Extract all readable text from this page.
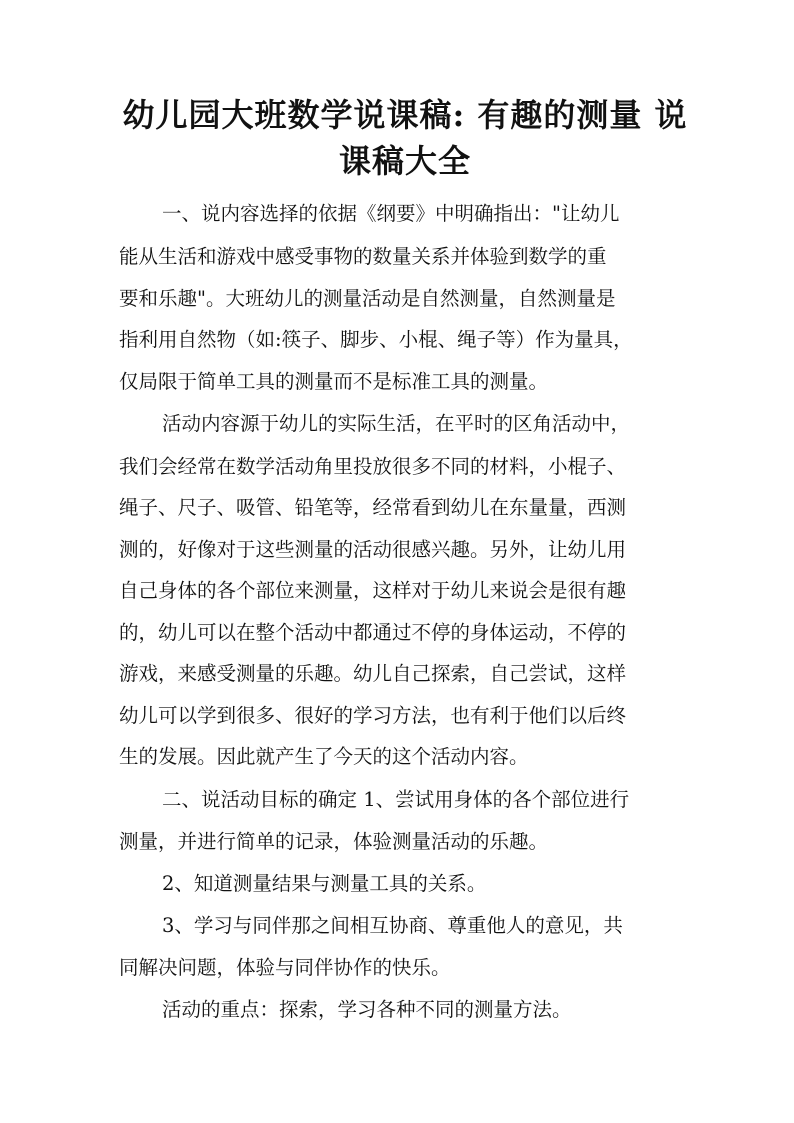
幼儿园大班数学说课稿: 有趣的测量 说
课稿大全
一、说内容选择的依据《纲要》中明确指出："让幼儿
能从生活和游戏中感受事物的数量关系并体验到数学的重
要和乐趣"。大班幼儿的测量活动是自然测量，自然测量是
指利用自然物（如:筷子、脚步、小棍、绳子等）作为量具，
仅局限于简单工具的测量而不是标准工具的测量。
活动内容源于幼儿的实际生活，在平时的区角活动中，
我们会经常在数学活动角里投放很多不同的材料，小棍子、
绳子、尺子、吸管、铅笔等，经常看到幼儿在东量量，西测
测的，好像对于这些测量的活动很感兴趣。另外，让幼儿用
自己身体的各个部位来测量，这样对于幼儿来说会是很有趣
的，幼儿可以在整个活动中都通过不停的身体运动，不停的
游戏，来感受测量的乐趣。幼儿自己探索，自己尝试，这样
幼儿可以学到很多、很好的学习方法，也有利于他们以后终
生的发展。因此就产生了今天的这个活动内容。
二、说活动目标的确定 1、尝试用身体的各个部位进行
测量，并进行简单的记录，体验测量活动的乐趣。
2、知道测量结果与测量工具的关系。
3、学习与同伴那之间相互协商、尊重他人的意见，共
同解决问题，体验与同伴协作的快乐。
活动的重点：探索，学习各种不同的测量方法。
